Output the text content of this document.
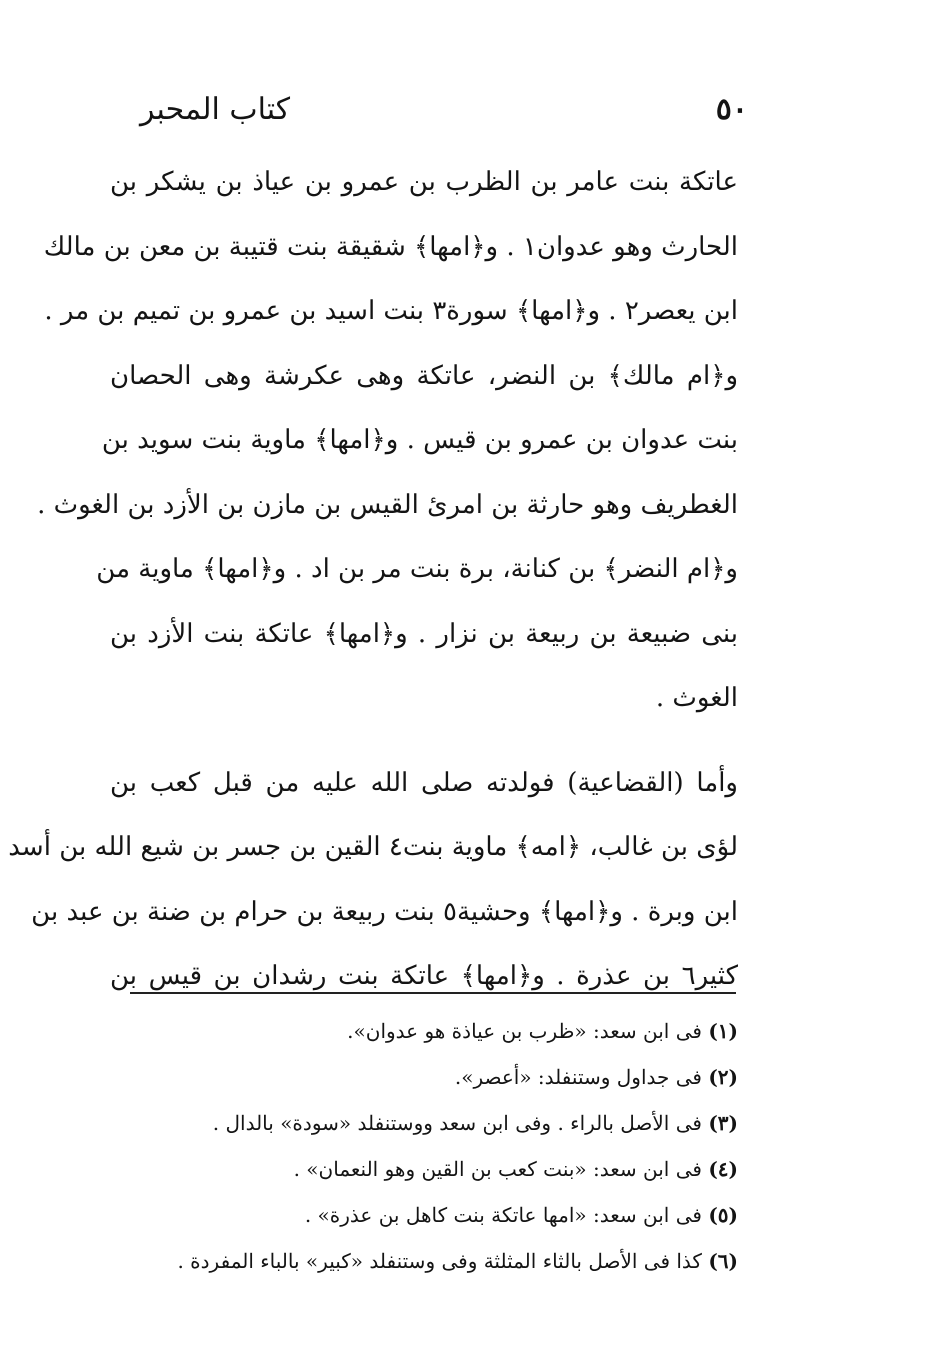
٥٠
كتاب المحبر
عاتكة بنت عامر بن الظرب بن عمرو بن عياذ بن يشكر بن
الحارث وهو عدوان١ . و﴿امها﴾ شقيقة بنت قتيبة بن معن بن مالك
ابن يعصر٢ . و﴿امها﴾ سورة٣ بنت اسيد بن عمرو بن تميم بن مر .
و﴿ام مالك﴾ بن النضر، عاتكة وهى عكرشة وهى الحصان
بنت عدوان بن عمرو بن قيس . و﴿امها﴾ ماوية بنت سويد بن
الغطريف وهو حارثة بن امرئ القيس بن مازن بن الأزد بن الغوث .
و﴿ام النضر﴾ بن كنانة، برة بنت مر بن اد . و﴿امها﴾ ماوية من
بنى ضبيعة بن ربيعة بن نزار . و﴿امها﴾ عاتكة بنت الأزد بن
الغوث .
وأما (القضاعية) فولدته صلى الله عليه من قبل كعب بن
لؤى بن غالب، ﴿امه﴾ ماوية بنت٤ القين بن جسر بن شيع الله بن أسد
ابن وبرة . و﴿امها﴾ وحشية٥ بنت ربيعة بن حرام بن ضنة بن عبد بن
كثير٦ بن عذرة . و﴿امها﴾ عاتكة بنت رشدان بن قيس بن
(١) فى ابن سعد: «ظرب بن عياذة هو عدوان».
(٢) فى جداول وستنفلد: «أعصر».
(٣) فى الأصل بالراء . وفى ابن سعد ووستنفلد «سودة» بالدال .
(٤) فى ابن سعد: «بنت كعب بن القين وهو النعمان» .
(٥) فى ابن سعد: «امها عاتكة بنت كاهل بن عذرة» .
(٦) كذا فى الأصل بالثاء المثلثة وفى وستنفلد «كبير» بالباء المفردة .
